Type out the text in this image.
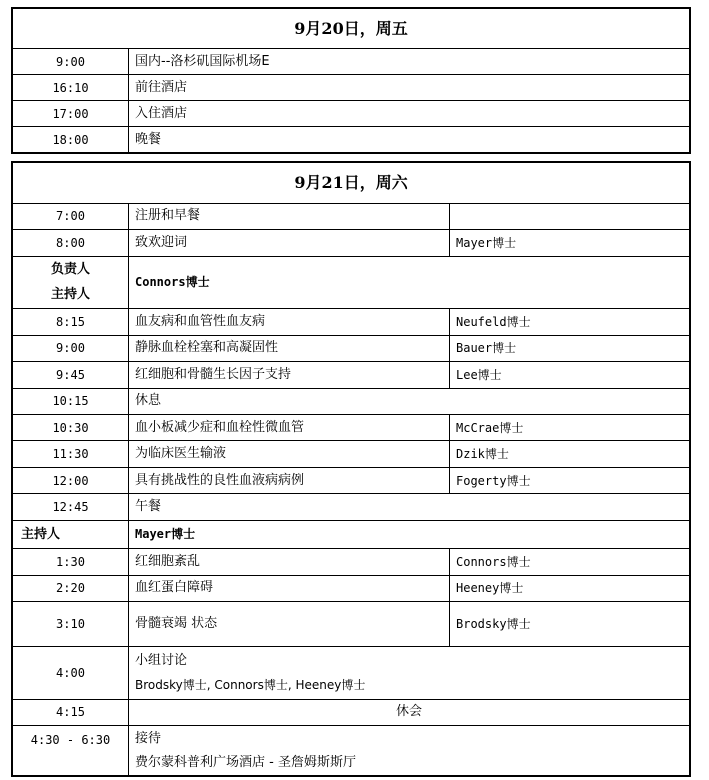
9月20日，周五	
9:00	国内--洛杉矶国际机场E
16:10	前往酒店
17:00	入住酒店
18:00	晚餐
9月21日，周六		
7:00	注册和早餐	
8:00	致欢迎词	Mayer博士

负责人
主持人	Connors博士	
8:15	血友病和血管性血友病	Neufeld博士
9:00	静脉血栓栓塞和高凝固性	Bauer博士
9:45	红细胞和骨髓生长因子支持	Lee博士
10:15	休息	
10:30	血小板减少症和血栓性微血管	McCrae博士
11:30	为临床医生输液	Dzik博士
12:00	具有挑战性的良性血液病病例	Fogerty博士
12:45	午餐	
主持人	Mayer博士	
1:30	红细胞紊乱	Connors博士
2:20	血红蛋白障碍	Heeney博士
3:10	骨髓衰竭 状态	Brodsky博士
4:00	小组讨论
Brodsky博士, Connors博士, Heeney博士	

4:15	休会	
4:30 - 6:30	接待
费尔蒙科普利广场酒店 - 圣詹姆斯斯厅	
